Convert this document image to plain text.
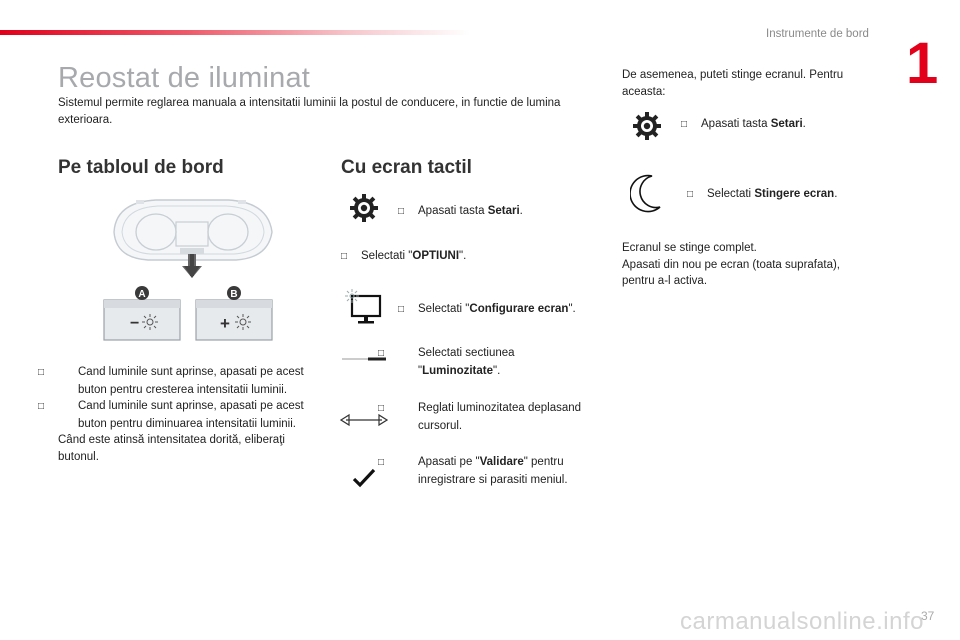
Instrumente de bord 1
Reostat de iluminat
Sistemul permite reglarea manuala a intensitatii luminii la postul de conducere, in functie de lumina exterioara.
Pe tabloul de bord
−
A
+
B
□	Cand luminile sunt aprinse, apasati pe acest buton pentru cresterea intensitatii luminii.
□	Cand luminile sunt aprinse, apasati pe acest buton pentru diminuarea intensitatii luminii.
Când este atinsă intensitatea dorită, eliberaţi butonul.
Cu ecran tactil
□ Apasati tasta Setari.
□ Selectati "OPTIUNI".
□ Selectati "Configurare ecran".
□	Selectati sectiunea "Luminozitate".
□	Reglati luminozitatea deplasand cursorul.
□	Apasati pe "Validare" pentru inregistrare si parasiti meniul.
De asemenea, puteti stinge ecranul. Pentru aceasta:
□ Apasati tasta Setari.
□ Selectati Stingere ecran.
Ecranul se stinge complet.
Apasati din nou pe ecran (toata suprafata), pentru a-l activa.
carmanualsonline.info
37
